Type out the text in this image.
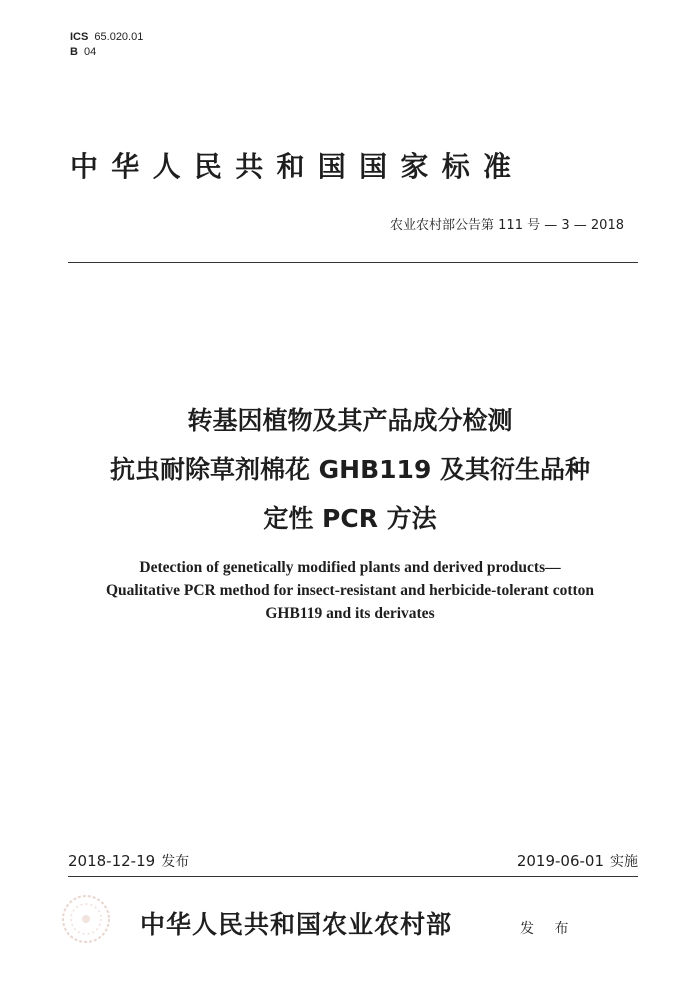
ICS 65.020.01
B 04
中华人民共和国国家标准
农业农村部公告第 111 号 — 3 — 2018
转基因植物及其产品成分检测
抗虫耐除草剂棉花 GHB119 及其衍生品种
定性 PCR 方法
Detection of genetically modified plants and derived products—
Qualitative PCR method for insect-resistant and herbicide-tolerant cotton
GHB119 and its derivates
2018-12-19 发布	2019-06-01 实施
中华人民共和国农业农村部	发 布
